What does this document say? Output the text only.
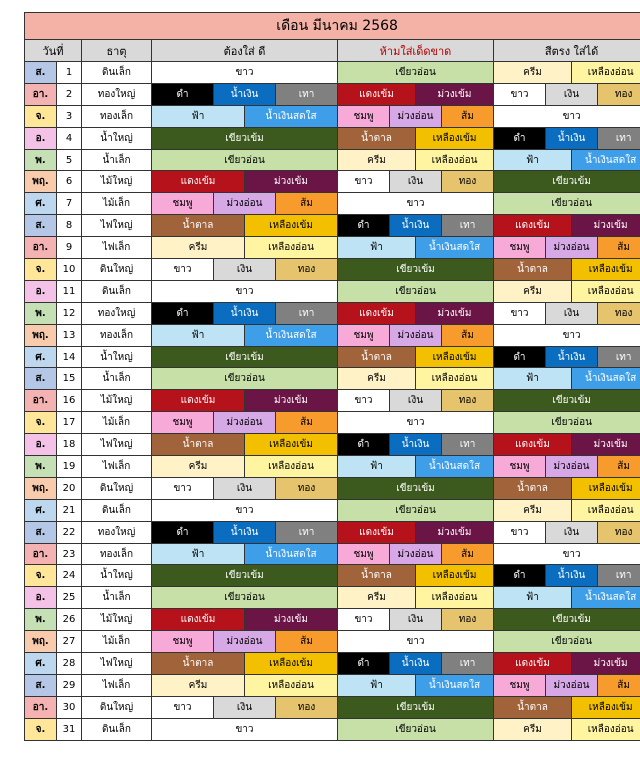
เดือน มีนาคม 2568														
วันที่		ธาตุ	ต้องใส่ ดี				ห้ามใส่เด็ดขาด				สีตรง ใส่ได้			
ส.	1	ดินเล็ก	ขาว				เขียวอ่อน				ครีม		เหลืองอ่อน	
อา.	2	ทองใหญ่	ดำ	น้ำเงิน		เทา	แดงเข้ม		ม่วงเข้ม		ขาว	เงิน		ทอง
จ.	3	ทองเล็ก	ฟ้า		น้ำเงินสดใส		ชมพู	ม่วงอ่อน		ส้ม	ขาว			
อ.	4	น้ำใหญ่	เขียวเข้ม				น้ำตาล		เหลืองเข้ม		ดำ	น้ำเงิน		เทา
พ.	5	น้ำเล็ก	เขียวอ่อน				ครีม		เหลืองอ่อน		ฟ้า		น้ำเงินสดใส	
พฤ.	6	ไม้ใหญ่	แดงเข้ม		ม่วงเข้ม		ขาว	เงิน		ทอง	เขียวเข้ม			
ศ.	7	ไม้เล็ก	ชมพู	ม่วงอ่อน		ส้ม	ขาว				เขียวอ่อน			
ส.	8	ไฟใหญ่	น้ำตาล		เหลืองเข้ม		ดำ	น้ำเงิน		เทา	แดงเข้ม		ม่วงเข้ม	
อา.	9	ไฟเล็ก	ครีม		เหลืองอ่อน		ฟ้า		น้ำเงินสดใส		ชมพู	ม่วงอ่อน		ส้ม
จ.	10	ดินใหญ่	ขาว	เงิน		ทอง	เขียวเข้ม				น้ำตาล		เหลืองเข้ม	
อ.	11	ดินเล็ก	ขาว				เขียวอ่อน				ครีม		เหลืองอ่อน	
พ.	12	ทองใหญ่	ดำ	น้ำเงิน		เทา	แดงเข้ม		ม่วงเข้ม		ขาว	เงิน		ทอง
พฤ.	13	ทองเล็ก	ฟ้า		น้ำเงินสดใส		ชมพู	ม่วงอ่อน		ส้ม	ขาว			
ศ.	14	น้ำใหญ่	เขียวเข้ม				น้ำตาล		เหลืองเข้ม		ดำ	น้ำเงิน		เทา
ส.	15	น้ำเล็ก	เขียวอ่อน				ครีม		เหลืองอ่อน		ฟ้า		น้ำเงินสดใส	
อา.	16	ไม้ใหญ่	แดงเข้ม		ม่วงเข้ม		ขาว	เงิน		ทอง	เขียวเข้ม			
จ.	17	ไม้เล็ก	ชมพู	ม่วงอ่อน		ส้ม	ขาว				เขียวอ่อน			
อ.	18	ไฟใหญ่	น้ำตาล		เหลืองเข้ม		ดำ	น้ำเงิน		เทา	แดงเข้ม		ม่วงเข้ม	
พ.	19	ไฟเล็ก	ครีม		เหลืองอ่อน		ฟ้า		น้ำเงินสดใส		ชมพู	ม่วงอ่อน		ส้ม
พฤ.	20	ดินใหญ่	ขาว	เงิน		ทอง	เขียวเข้ม				น้ำตาล		เหลืองเข้ม	
ศ.	21	ดินเล็ก	ขาว				เขียวอ่อน				ครีม		เหลืองอ่อน	
ส.	22	ทองใหญ่	ดำ	น้ำเงิน		เทา	แดงเข้ม		ม่วงเข้ม		ขาว	เงิน		ทอง
อา.	23	ทองเล็ก	ฟ้า		น้ำเงินสดใส		ชมพู	ม่วงอ่อน		ส้ม	ขาว			
จ.	24	น้ำใหญ่	เขียวเข้ม				น้ำตาล		เหลืองเข้ม		ดำ	น้ำเงิน		เทา
อ.	25	น้ำเล็ก	เขียวอ่อน				ครีม		เหลืองอ่อน		ฟ้า		น้ำเงินสดใส	
พ.	26	ไม้ใหญ่	แดงเข้ม		ม่วงเข้ม		ขาว	เงิน		ทอง	เขียวเข้ม			
พฤ.	27	ไม้เล็ก	ชมพู	ม่วงอ่อน		ส้ม	ขาว				เขียวอ่อน			
ศ.	28	ไฟใหญ่	น้ำตาล		เหลืองเข้ม		ดำ	น้ำเงิน		เทา	แดงเข้ม		ม่วงเข้ม	
ส.	29	ไฟเล็ก	ครีม		เหลืองอ่อน		ฟ้า		น้ำเงินสดใส		ชมพู	ม่วงอ่อน		ส้ม
อา.	30	ดินใหญ่	ขาว	เงิน		ทอง	เขียวเข้ม				น้ำตาล		เหลืองเข้ม	
จ.	31	ดินเล็ก	ขาว				เขียวอ่อน				ครีม		เหลืองอ่อน	
